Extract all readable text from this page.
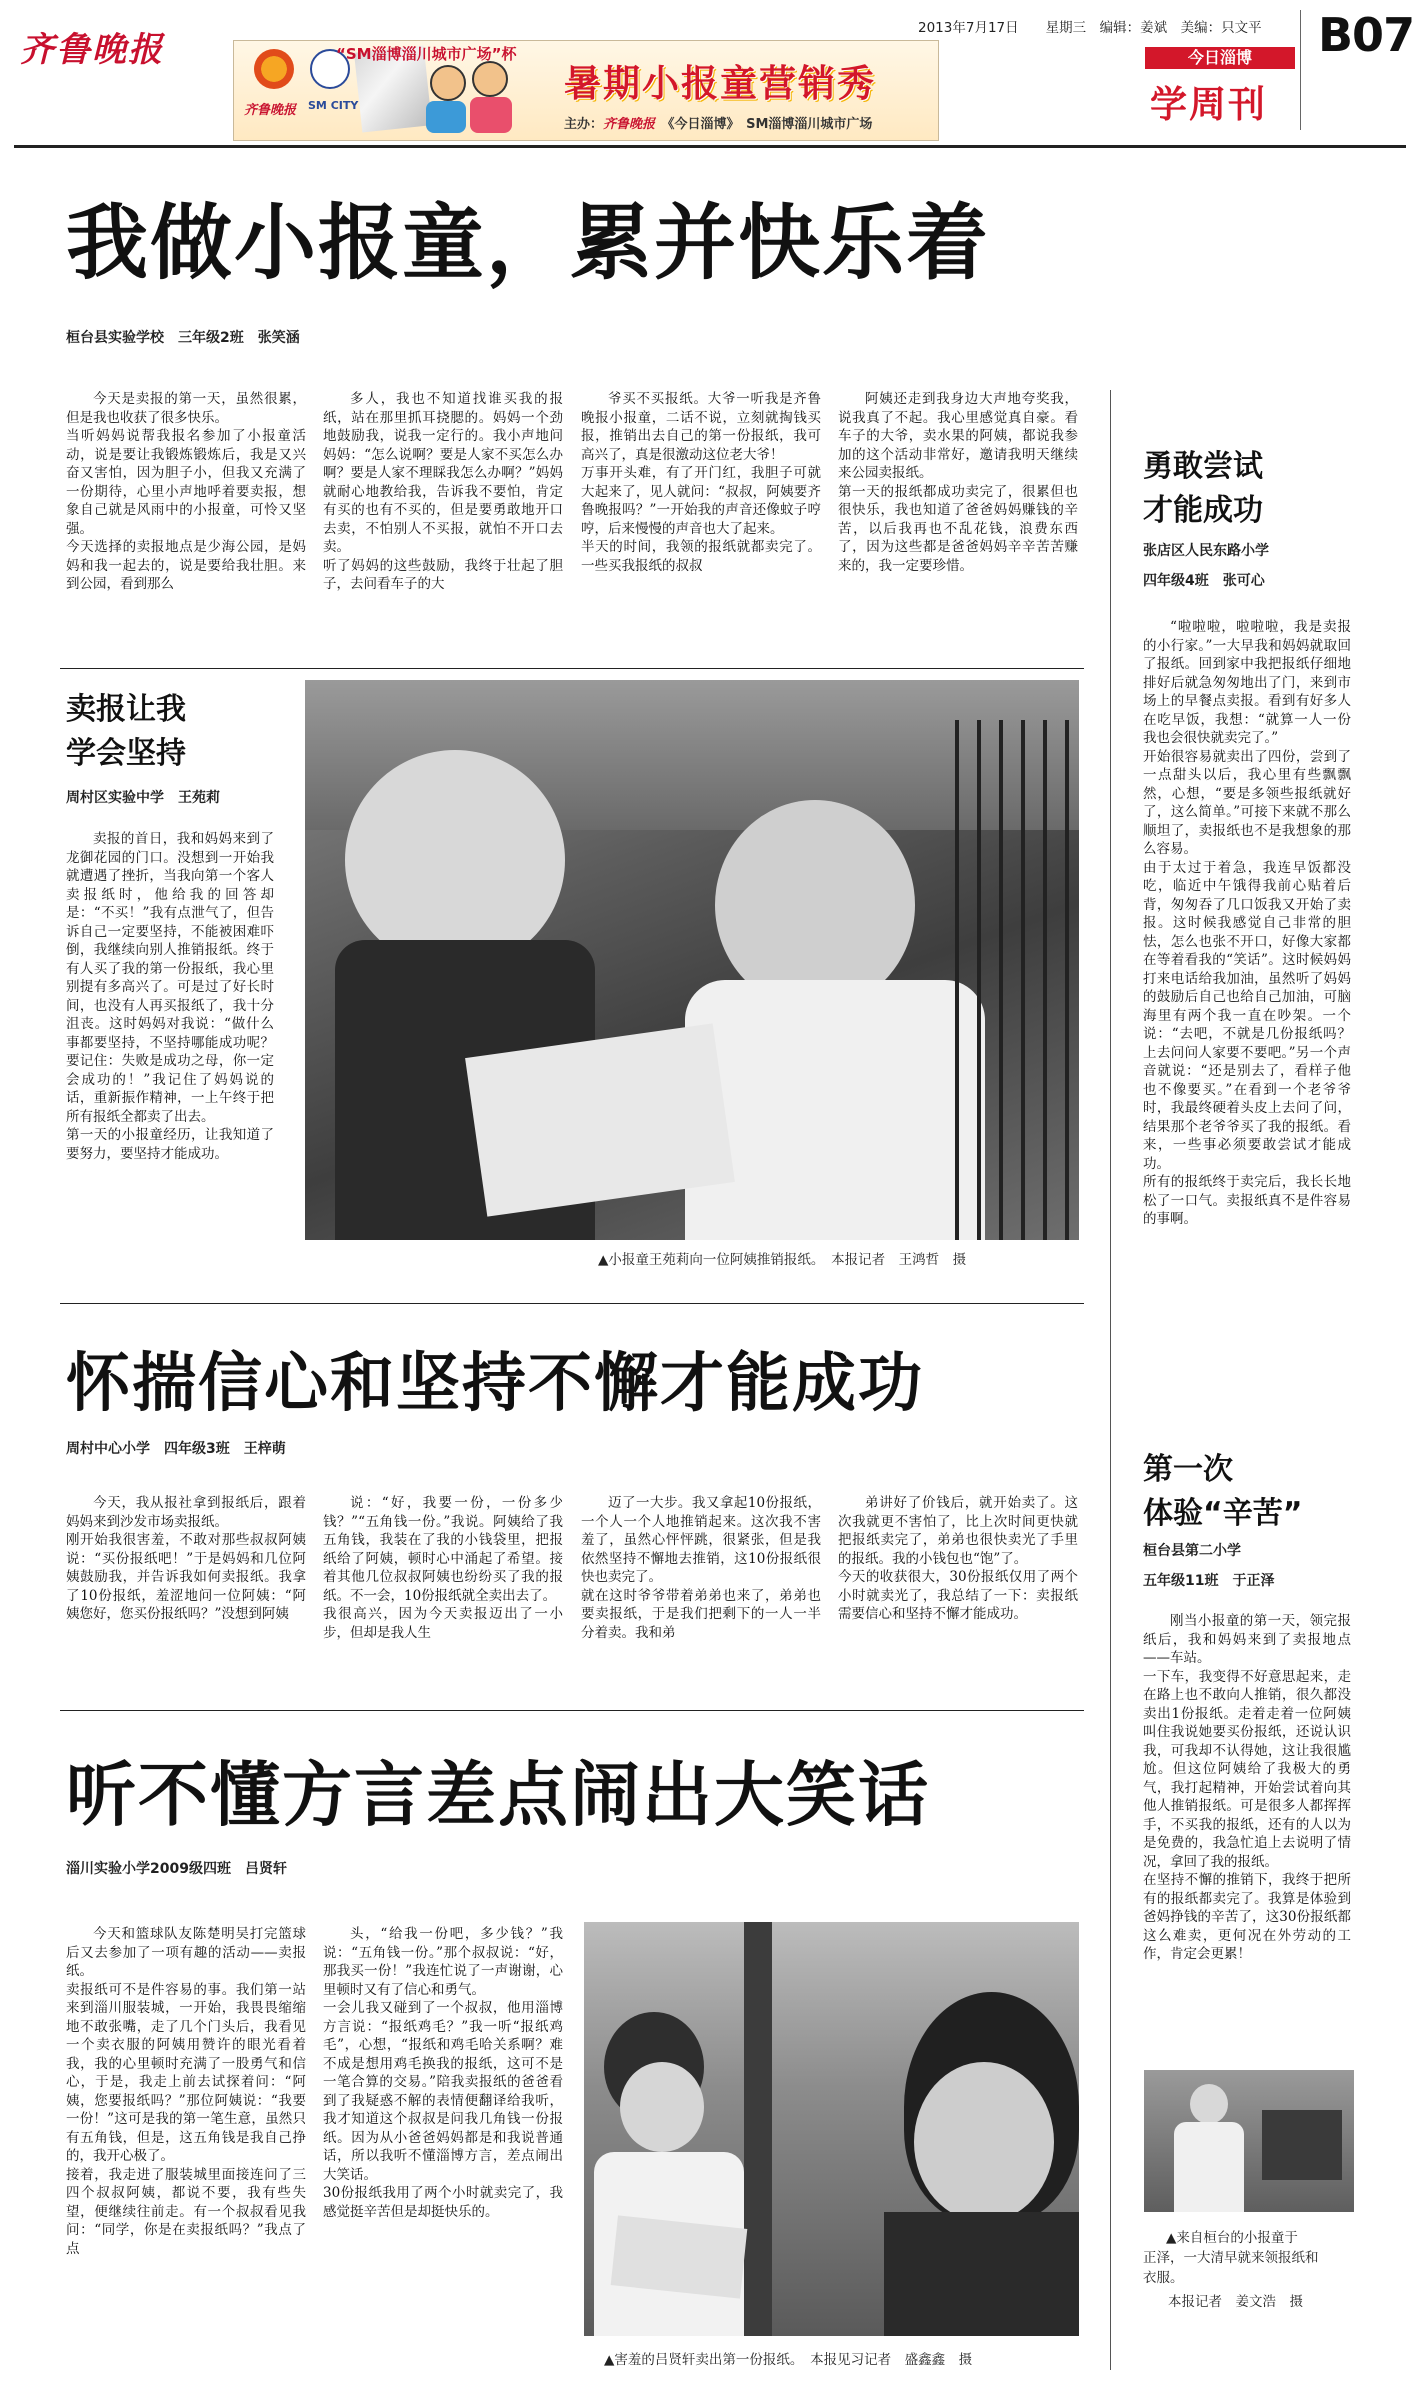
齐鲁晚报
齐鲁晚报 SM CITY
“SM淄博淄川城市广场”杯
暑期小报童营销秀
主办：齐鲁晚报　 《今日淄博》　 SM淄博淄川城市广场
2013年7月17日　　 星期三　 编辑：姜斌　 美编：只文平 B07
今日淄博
学周刊
我做小报童，累并快乐着
桓台县实验学校　三年级2班　张笑涵

今天是卖报的第一天，虽然很累，但是我也收获了很多快乐。
当听妈妈说帮我报名参加了小报童活动，说是要让我锻炼锻炼后，我是又兴奋又害怕，因为胆子小，但我又充满了一份期待，心里小声地呼着要卖报，想象自己就是风雨中的小报童，可怜又坚强。
今天选择的卖报地点是少海公园，是妈妈和我一起去的，说是要给我壮胆。来到公园，看到那么

多人，我也不知道找谁买我的报纸，站在那里抓耳挠腮的。妈妈一个劲地鼓励我，说我一定行的。我小声地问妈妈：“怎么说啊？要是人家不买怎么办啊？要是人家不理睬我怎么办啊？”妈妈就耐心地教给我，告诉我不要怕，肯定有买的也有不买的，但是要勇敢地开口去卖，不怕别人不买报，就怕不开口去卖。
听了妈妈的这些鼓励，我终于壮起了胆子，去问看车子的大

爷买不买报纸。大爷一听我是齐鲁晚报小报童，二话不说，立刻就掏钱买报，推销出去自己的第一份报纸，我可高兴了，真是很激动这位老大爷！
万事开头难，有了开门红，我胆子可就大起来了，见人就问：“叔叔，阿姨要齐鲁晚报吗？”一开始我的声音还像蚊子哼哼，后来慢慢的声音也大了起来。
半天的时间，我领的报纸就都卖完了。一些买我报纸的叔叔

阿姨还走到我身边大声地夸奖我，说我真了不起。我心里感觉真自豪。看车子的大爷，卖水果的阿姨，都说我参加的这个活动非常好，邀请我明天继续来公园卖报纸。
第一天的报纸都成功卖完了，很累但也很快乐，我也知道了爸爸妈妈赚钱的辛苦，以后我再也不乱花钱，浪费东西了，因为这些都是爸爸妈妈辛辛苦苦赚来的，我一定要珍惜。

卖报让我
学会坚持
周村区实验中学　王苑莉

卖报的首日，我和妈妈来到了龙御花园的门口。没想到一开始我就遭遇了挫折，当我向第一个客人卖报纸时，他给我的回答却是：“不买！”我有点泄气了，但告诉自己一定要坚持，不能被困难吓倒，我继续向别人推销报纸。终于有人买了我的第一份报纸，我心里别提有多高兴了。可是过了好长时间，也没有人再买报纸了，我十分沮丧。这时妈妈对我说：“做什么事都要坚持，不坚持哪能成功呢？要记住：失败是成功之母，你一定会成功的！”我记住了妈妈说的话，重新振作精神，一上午终于把所有报纸全都卖了出去。
第一天的小报童经历，让我知道了要努力，要坚持才能成功。

▲小报童王苑莉向一位阿姨推销报纸。　本报记者　王鸿哲　摄
怀揣信心和坚持不懈才能成功
周村中心小学　四年级3班　王梓萌

今天，我从报社拿到报纸后，跟着妈妈来到沙发市场卖报纸。
刚开始我很害羞，不敢对那些叔叔阿姨说：“买份报纸吧！”于是妈妈和几位阿姨鼓励我，并告诉我如何卖报纸。我拿了10份报纸，羞涩地问一位阿姨：“阿姨您好，您买份报纸吗？”没想到阿姨

说：“好，我要一份，一份多少钱？”“五角钱一份。”我说。阿姨给了我五角钱，我装在了我的小钱袋里，把报纸给了阿姨，顿时心中涌起了希望。接着其他几位叔叔阿姨也纷纷买了我的报纸。不一会，10份报纸就全卖出去了。
我很高兴，因为今天卖报迈出了一小步，但却是我人生

迈了一大步。我又拿起10份报纸，一个人一个人地推销起来。这次我不害羞了，虽然心怦怦跳，很紧张，但是我依然坚持不懈地去推销，这10份报纸很快也卖完了。
就在这时爷爷带着弟弟也来了，弟弟也要卖报纸，于是我们把剩下的一人一半分着卖。我和弟

弟讲好了价钱后，就开始卖了。这次我就更不害怕了，比上次时间更快就把报纸卖完了，弟弟也很快卖光了手里的报纸。我的小钱包也“饱”了。
今天的收获很大，30份报纸仅用了两个小时就卖光了，我总结了一下：卖报纸需要信心和坚持不懈才能成功。

听不懂方言差点闹出大笑话
淄川实验小学2009级四班　吕贤轩

今天和篮球队友陈楚明吴打完篮球后又去参加了一项有趣的活动——卖报纸。
卖报纸可不是件容易的事。我们第一站来到淄川服装城，一开始，我畏畏缩缩地不敢张嘴，走了几个门头后，我看见一个卖衣服的阿姨用赞许的眼光看着我，我的心里顿时充满了一股勇气和信心，于是，我走上前去试探着问：“阿姨，您要报纸吗？”那位阿姨说：“我要一份！”这可是我的第一笔生意，虽然只有五角钱，但是，这五角钱是我自己挣的，我开心极了。
接着，我走进了服装城里面接连问了三四个叔叔阿姨，都说不要，我有些失望，便继续往前走。有一个叔叔看见我问：“同学，你是在卖报纸吗？”我点了点

头，“给我一份吧，多少钱？”我说：“五角钱一份。”那个叔叔说：“好，那我买一份！”我连忙说了一声谢谢，心里顿时又有了信心和勇气。
一会儿我又碰到了一个叔叔，他用淄博方言说：“报纸鸡毛？”我一听“报纸鸡毛”，心想，“报纸和鸡毛哈关系啊？难不成是想用鸡毛换我的报纸，这可不是一笔合算的交易。”陪我卖报纸的爸爸看到了我疑惑不解的表情便翻译给我听，我才知道这个叔叔是问我几角钱一份报纸。因为从小爸爸妈妈都是和我说普通话，所以我听不懂淄博方言，差点闹出大笑话。
30份报纸我用了两个小时就卖完了，我感觉挺辛苦但是却挺快乐的。

▲害羞的吕贤轩卖出第一份报纸。　本报见习记者　盛鑫鑫　摄
勇敢尝试
才能成功
张店区人民东路小学
四年级4班　张可心

“啦啦啦，啦啦啦，我是卖报的小行家。”一大早我和妈妈就取回了报纸。回到家中我把报纸仔细地排好后就急匆匆地出了门，来到市场上的早餐点卖报。看到有好多人在吃早饭，我想：“就算一人一份我也会很快就卖完了。”
开始很容易就卖出了四份，尝到了一点甜头以后，我心里有些飘飘然，心想，“要是多领些报纸就好了，这么简单。”可接下来就不那么顺坦了，卖报纸也不是我想象的那么容易。
由于太过于着急，我连早饭都没吃，临近中午饿得我前心贴着后背，匆匆吞了几口饭我又开始了卖报。这时候我感觉自己非常的胆怯，怎么也张不开口，好像大家都在等着看我的“笑话”。这时候妈妈打来电话给我加油，虽然听了妈妈的鼓励后自己也给自己加油，可脑海里有两个我一直在吵架。一个说：“去吧，不就是几份报纸吗？上去问问人家要不要吧。”另一个声音就说：“还是别去了，看样子他也不像要买。”在看到一个老爷爷时，我最终硬着头皮上去问了问，结果那个老爷爷买了我的报纸。看来，一些事必须要敢尝试才能成功。
所有的报纸终于卖完后，我长长地松了一口气。卖报纸真不是件容易的事啊。

第一次
体验“辛苦”
桓台县第二小学
五年级11班　于正泽

刚当小报童的第一天，领完报纸后，我和妈妈来到了卖报地点——车站。
一下车，我变得不好意思起来，走在路上也不敢向人推销，很久都没卖出1份报纸。走着走着一位阿姨叫住我说她要买份报纸，还说认识我，可我却不认得她，这让我很尴尬。但这位阿姨给了我极大的勇气，我打起精神，开始尝试着向其他人推销报纸。可是很多人都挥挥手，不买我的报纸，还有的人以为是免费的，我急忙追上去说明了情况，拿回了我的报纸。
在坚持不懈的推销下，我终于把所有的报纸都卖完了。我算是体验到爸妈挣钱的辛苦了，这30份报纸都这么难卖，更何况在外劳动的工作，肯定会更累！

▲来自桓台的小报童于
正泽，一大清早就来领报纸和
衣服。
本报记者　姜文浩　摄
